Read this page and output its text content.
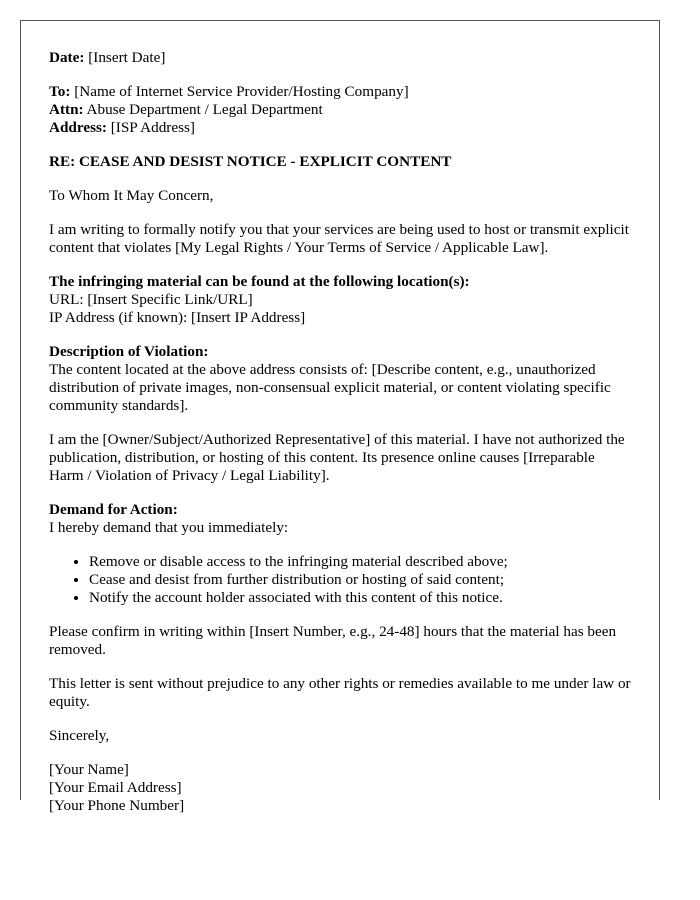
Date: [Insert Date]

To: [Name of Internet Service Provider/Hosting Company]
Attn: Abuse Department / Legal Department
Address: [ISP Address]

RE: CEASE AND DESIST NOTICE - EXPLICIT CONTENT

To Whom It May Concern,

I am writing to formally notify you that your services are being used to host or transmit explicit content that violates [My Legal Rights / Your Terms of Service / Applicable Law].

The infringing material can be found at the following location(s):
URL: [Insert Specific Link/URL]
IP Address (if known): [Insert IP Address]

Description of Violation:
The content located at the above address consists of: [Describe content, e.g., unauthorized distribution of private images, non-consensual explicit material, or content violating specific community standards].

I am the [Owner/Subject/Authorized Representative] of this material. I have not authorized the publication, distribution, or hosting of this content. Its presence online causes [Irreparable Harm / Violation of Privacy / Legal Liability].

Demand for Action:
I hereby demand that you immediately:

• Remove or disable access to the infringing material described above;
• Cease and desist from further distribution or hosting of said content;
• Notify the account holder associated with this content of this notice.

Please confirm in writing within [Insert Number, e.g., 24-48] hours that the material has been removed.

This letter is sent without prejudice to any other rights or remedies available to me under law or equity.

Sincerely,

[Your Name]
[Your Email Address]
[Your Phone Number]
